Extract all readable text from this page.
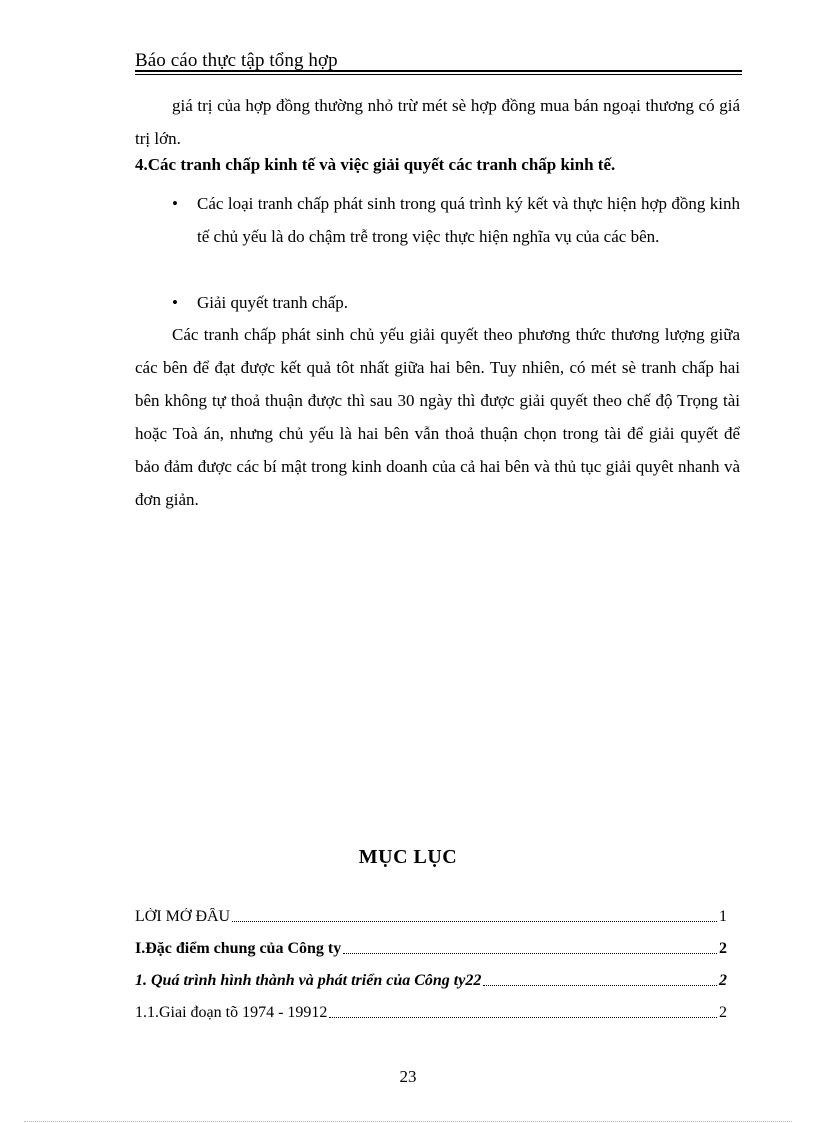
Báo cáo thực tập tổng hợp
giá trị của hợp đồng thường nhỏ trừ mét sè hợp đồng mua bán ngoại thương có giá trị lớn.
4.Các tranh chấp kinh tế và việc giải quyết các tranh chấp kinh tế.
•	Các loại tranh chấp phát sinh trong quá trình ký kết và thực hiện hợp đồng kinh tế chủ yếu là do chậm trễ trong việc thực hiện nghĩa vụ của các bên.
•	Giải quyết tranh chấp.
Các tranh chấp phát sinh chủ yếu giải quyết theo phương thức thương lượng giữa các bên để đạt được kết quả tôt nhất giữa hai bên. Tuy nhiên, có mét sè tranh chấp hai bên không tự thoả thuận được thì sau 30 ngày thì được giải quyết theo chế độ Trọng tài hoặc Toà án, nhưng chủ yếu là hai bên vẫn thoả thuận chọn trong tài để giải quyết để bảo đảm được các bí mật trong kinh doanh của cả hai bên và thủ tục giải quyêt nhanh và đơn giản.
MỤC LỤC
LỜI MỞ ĐẦU	1
I.Đặc điểm chung của Công ty	2
1. Quá trình hình thành và phát triển của Công ty22	2
1.1.Giai đoạn tõ 1974 - 19912	2
23
